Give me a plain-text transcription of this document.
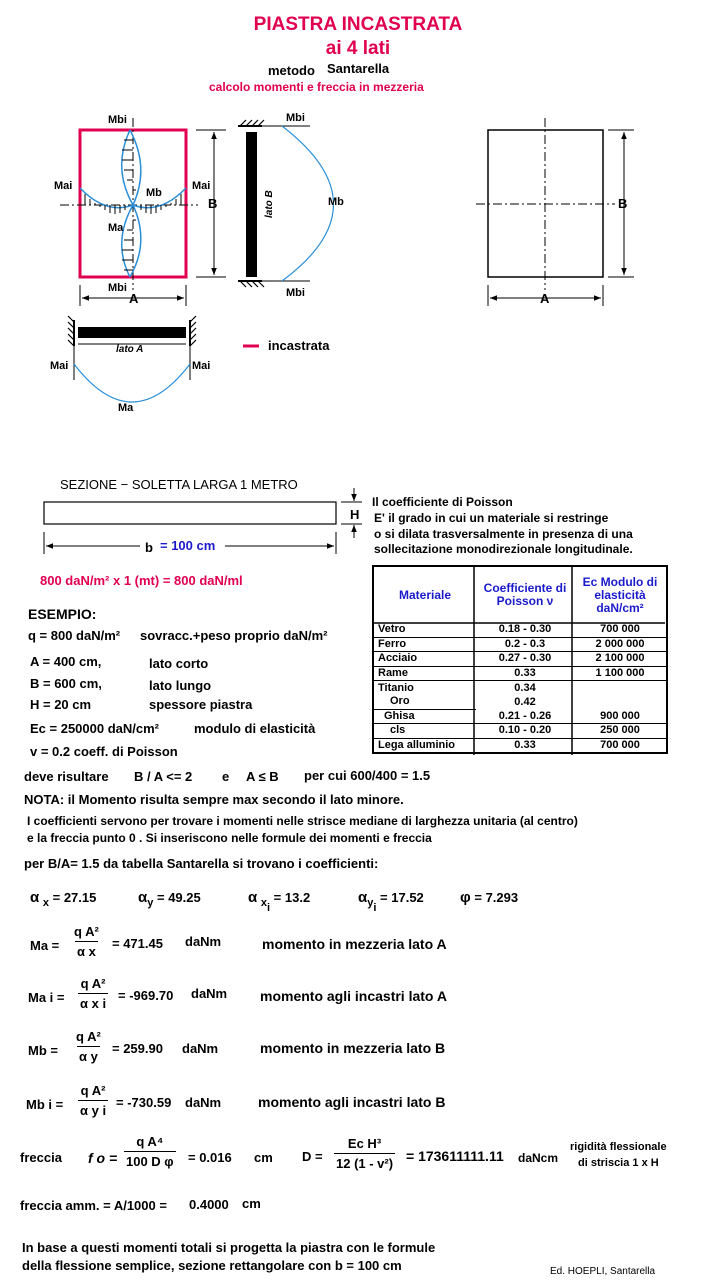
PIASTRA INCASTRATA
ai 4 lati
metodo Santarella
calcolo momenti e freccia in mezzeria
Mbi
Mbi
Mai	Mai
Mb
Ma
B
A
Mbi
Mbi
Mb
lato B	B
A
lato A
Mai	Mai
Ma
incastrata
SEZIONE − SOLETTA LARGA 1 METRO
H
b = 100 cm
800 daN/m² x 1 (mt) = 800 daN/ml
Il coefficiente di Poisson
E' il grado in cui un materiale si restringe
o si dilata trasversalmente in presenza di una
sollecitazione monodirezionale longitudinale.
Materiale	Coefficiente di Poisson ν	Ec Modulo di elasticità daN/cm²
Vetro	0.18 - 0.30	700 000
Ferro	0.2 - 0.3	2 000 000
Acciaio	0.27 - 0.30	2 100 000
Rame	0.33	1 100 000
Titanio	0.34	
Oro	0.42	
Ghisa	0.21 - 0.26	900 000
cls	0.10 - 0.20	250 000
Lega alluminio	0.33	700 000
ESEMPIO:
q = 800 daN/m² sovracc.+peso proprio daN/m²
A = 400 cm,	lato corto
B = 600 cm,	lato lungo
H = 20 cm	spessore piastra
Ec = 250000 daN/cm²	modulo di elasticità
v = 0.2 coeff. di Poisson
deve risultare B / A <= 2 e A ≤ B per cui 600/400 = 1.5
NOTA: il Momento risulta sempre max secondo il lato minore.
I coefficienti servono per trovare i momenti nelle strisce mediane di larghezza unitaria (al centro)
e la freccia punto 0 . Si inseriscono nelle formule dei momenti e freccia
per B/A= 1.5 da tabella Santarella si trovano i coefficienti:
α $_x$ = 27.15	$\alpha_y = 49.25$	α $_{xi}$ = 13.2	$\alpha_{yi} = 17.52$ φ = 7.293
$Ma = \frac{\text{q A²}}{\text{α x}} = 471.45$ daNm	momento in mezzeria lato A
Ma $i = \frac{\text{q A²}}{\text{α x i}} = -969.70$ daNm momento agli incastri lato A
$Mb = \frac{\text{q A²}}{\text{α y}} = 259.90$ daNm	momento in mezzeria lato B
Mb $i = \frac{\text{q A²}}{\text{α y i}} = -730.59$ daNm	momento agli incastri lato B
freccia f $o = \frac{\text{q A⁴}}{\text{100 D φ}} = 0.016$ cm $D = \frac{\text{Ec H³}}{\text{12 (1 - v²)}} = 173611111.11$ daNcm
rigidità flessionale
di striscia 1 x H
freccia amm. = A/1000 = 0.4000 cm
In base a questi momenti totali si progetta la piastra con le formule
della flessione semplice, sezione rettangolare con b = 100 cm	Ed. HOEPLI, Santarella
